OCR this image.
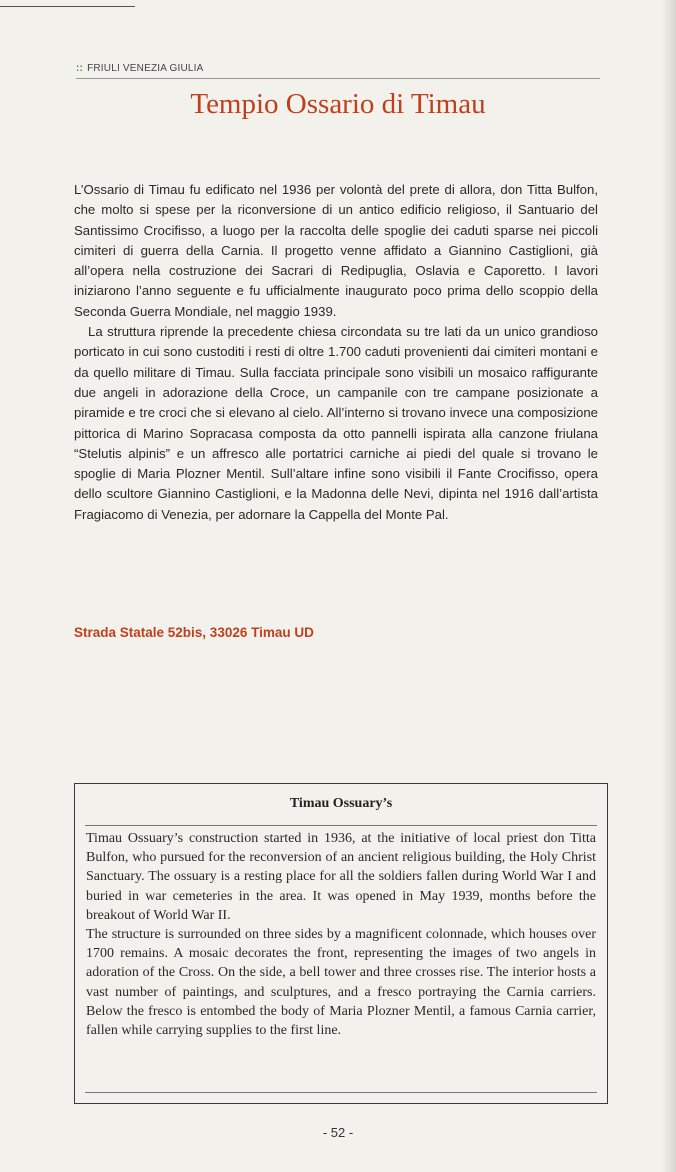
:: FRIULI VENEZIA GIULIA
Tempio Ossario di Timau

L’Ossario di Timau fu edificato nel 1936 per volontà del prete di allora, don Titta Bulfon, che molto si spese per la riconversione di un antico edificio religioso, il Santuario del Santissimo Crocifisso, a luogo per la raccolta delle spoglie dei caduti sparse nei piccoli cimiteri di guerra della Carnia. Il progetto venne affidato a Giannino Castiglioni, già all’opera nella costruzione dei Sacrari di Redipuglia, Oslavia e Caporetto. I lavori iniziarono l’anno seguente e fu ufficialmente inaugurato poco prima dello scoppio della Seconda Guerra Mondiale, nel maggio 1939.

La struttura riprende la precedente chiesa circondata su tre lati da un unico grandioso porticato in cui sono custoditi i resti di oltre 1.700 caduti provenienti dai cimiteri montani e da quello militare di Timau. Sulla facciata principale sono visibili un mosaico raffigurante due angeli in adorazione della Croce, un campanile con tre campane posizionate a piramide e tre croci che si elevano al cielo. All’interno si trovano invece una composizione pittorica di Marino Sopracasa composta da otto pannelli ispirata alla canzone friulana “Stelutis alpinis” e un affresco alle portatrici carniche ai piedi del quale si trovano le spoglie di Maria Plozner Mentil. Sull’altare infine sono visibili il Fante Crocifisso, opera dello scultore Giannino Castiglioni, e la Madonna delle Nevi, dipinta nel 1916 dall’artista Fragiacomo di Venezia, per adornare la Cappella del Monte Pal.

Strada Statale 52bis, 33026 Timau UD
Timau Ossuary’s

Timau Ossuary’s construction started in 1936, at the initiative of local priest don Titta Bulfon, who pursued for the reconversion of an ancient religious building, the Holy Christ Sanctuary. The ossuary is a resting place for all the soldiers fallen during World War I and buried in war cemeteries in the area. It was opened in May 1939, months before the breakout of World War II.

The structure is surrounded on three sides by a magnificent colonnade, which houses over 1700 remains. A mosaic decorates the front, representing the images of two angels in adoration of the Cross. On the side, a bell tower and three crosses rise. The interior hosts a vast number of paintings, and sculptures, and a fresco portraying the Carnia carriers. Below the fresco is entombed the body of Maria Plozner Mentil, a famous Carnia carrier, fallen while carrying supplies to the first line.

- 52 -
